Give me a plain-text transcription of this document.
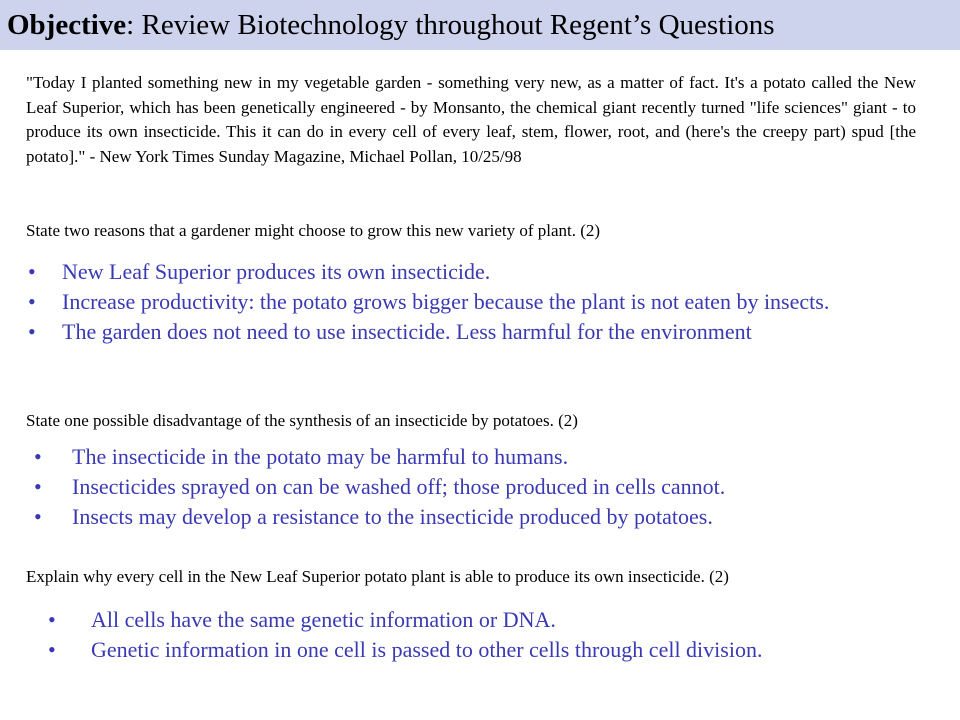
Objective: Review Biotechnology throughout Regent’s Questions
"Today I planted something new in my vegetable garden - something very new, as a matter of fact. It's a potato called the New Leaf Superior, which has been genetically engineered - by Monsanto, the chemical giant recently turned "life sciences" giant - to produce its own insecticide. This it can do in every cell of every leaf, stem, flower, root, and (here's the creepy part) spud [the potato]." - New York Times Sunday Magazine, Michael Pollan, 10/25/98
State two reasons that a gardener might choose to grow this new variety of plant. (2)
• New Leaf Superior produces its own insecticide.
• Increase productivity: the potato grows bigger because the plant is not eaten by insects.
• The garden does not need to use insecticide. Less harmful for the environment
State one possible disadvantage of the synthesis of an insecticide by potatoes. (2)
• The insecticide in the potato may be harmful to humans.
• Insecticides sprayed on can be washed off; those produced in cells cannot.
• Insects may develop a resistance to the insecticide produced by potatoes.
Explain why every cell in the New Leaf Superior potato plant is able to produce its own insecticide. (2)
• All cells have the same genetic information or DNA.
• Genetic information in one cell is passed to other cells through cell division.
